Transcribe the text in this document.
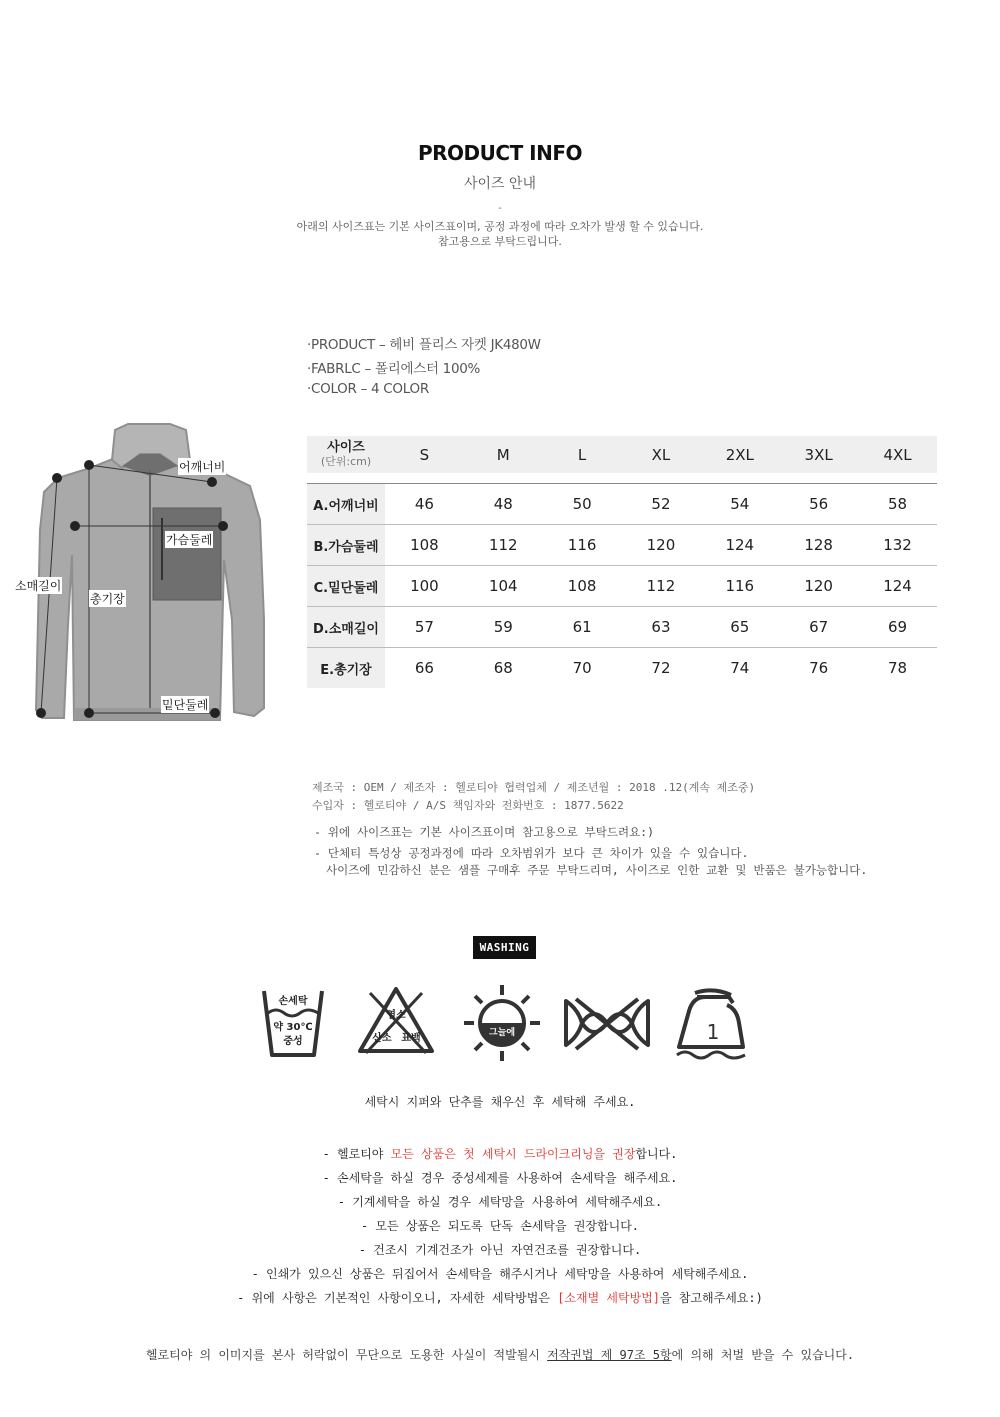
PRODUCT INFO
사이즈 안내
-
아래의 사이즈표는 기본 사이즈표이며, 공정 과정에 따라 오차가 발생 할 수 있습니다.
참고용으로 부탁드립니다.
·PRODUCT – 헤비 플리스 자켓 JK480W
·FABRLC – 폴리에스터 100%
·COLOR – 4 COLOR
어깨너비
가슴둘레
소매길이
총기장
밑단둘레
사이즈
(단위:cm)	S	M	L	XL	2XL	3XL	4XL

A.어깨너비	46	48	50	52	54	56	58
B.가슴둘레	108	112	116	120	124	128	132
C.밑단둘레	100	104	108	112	116	120	124
D.소매길이	57	59	61	63	65	67	69
E.총기장	66	68	70	72	74	76	78
제조국 : OEM / 제조자 : 헬로티야 협력업체 / 제조년월 : 2018 .12(계속 제조중)
수입자 : 헬로티야 / A/S 책임자와 전화번호 : 1877.5622
- 위에 사이즈표는 기본 사이즈표이며 참고용으로 부탁드려요:)
- 단체티 특성상 공정과정에 따라 오차범위가 보다 큰 차이가 있을 수 있습니다.
사이즈에 민감하신 분은 샘플 구매후 주문 부탁드리며, 사이즈로 인한 교환 및 반품은 불가능합니다.
WASHING
손세탁
약 30℃
중성
염소
산소 표백	그늘에	1
세탁시 지퍼와 단추를 채우신 후 세탁해 주세요.
- 헬로티야 모든 상품은 첫 세탁시 드라이크리닝을 권장합니다.
- 손세탁을 하실 경우 중성세제를 사용하여 손세탁을 해주세요.
- 기계세탁을 하실 경우 세탁망을 사용하여 세탁해주세요.
- 모든 상품은 되도록 단독 손세탁을 권장합니다.
- 건조시 기계건조가 아닌 자연건조를 권장합니다.
- 인쇄가 있으신 상품은 뒤집어서 손세탁을 해주시거나 세탁망을 사용하여 세탁해주세요.
- 위에 사항은 기본적인 사항이오니, 자세한 세탁방법은 [소재별 세탁방법]을 참고해주세요:)
헬로티야 의 이미지를 본사 허락없이 무단으로 도용한 사실이 적발될시 저작권법 제 97조 5항에 의해 처벌 받을 수 있습니다.
